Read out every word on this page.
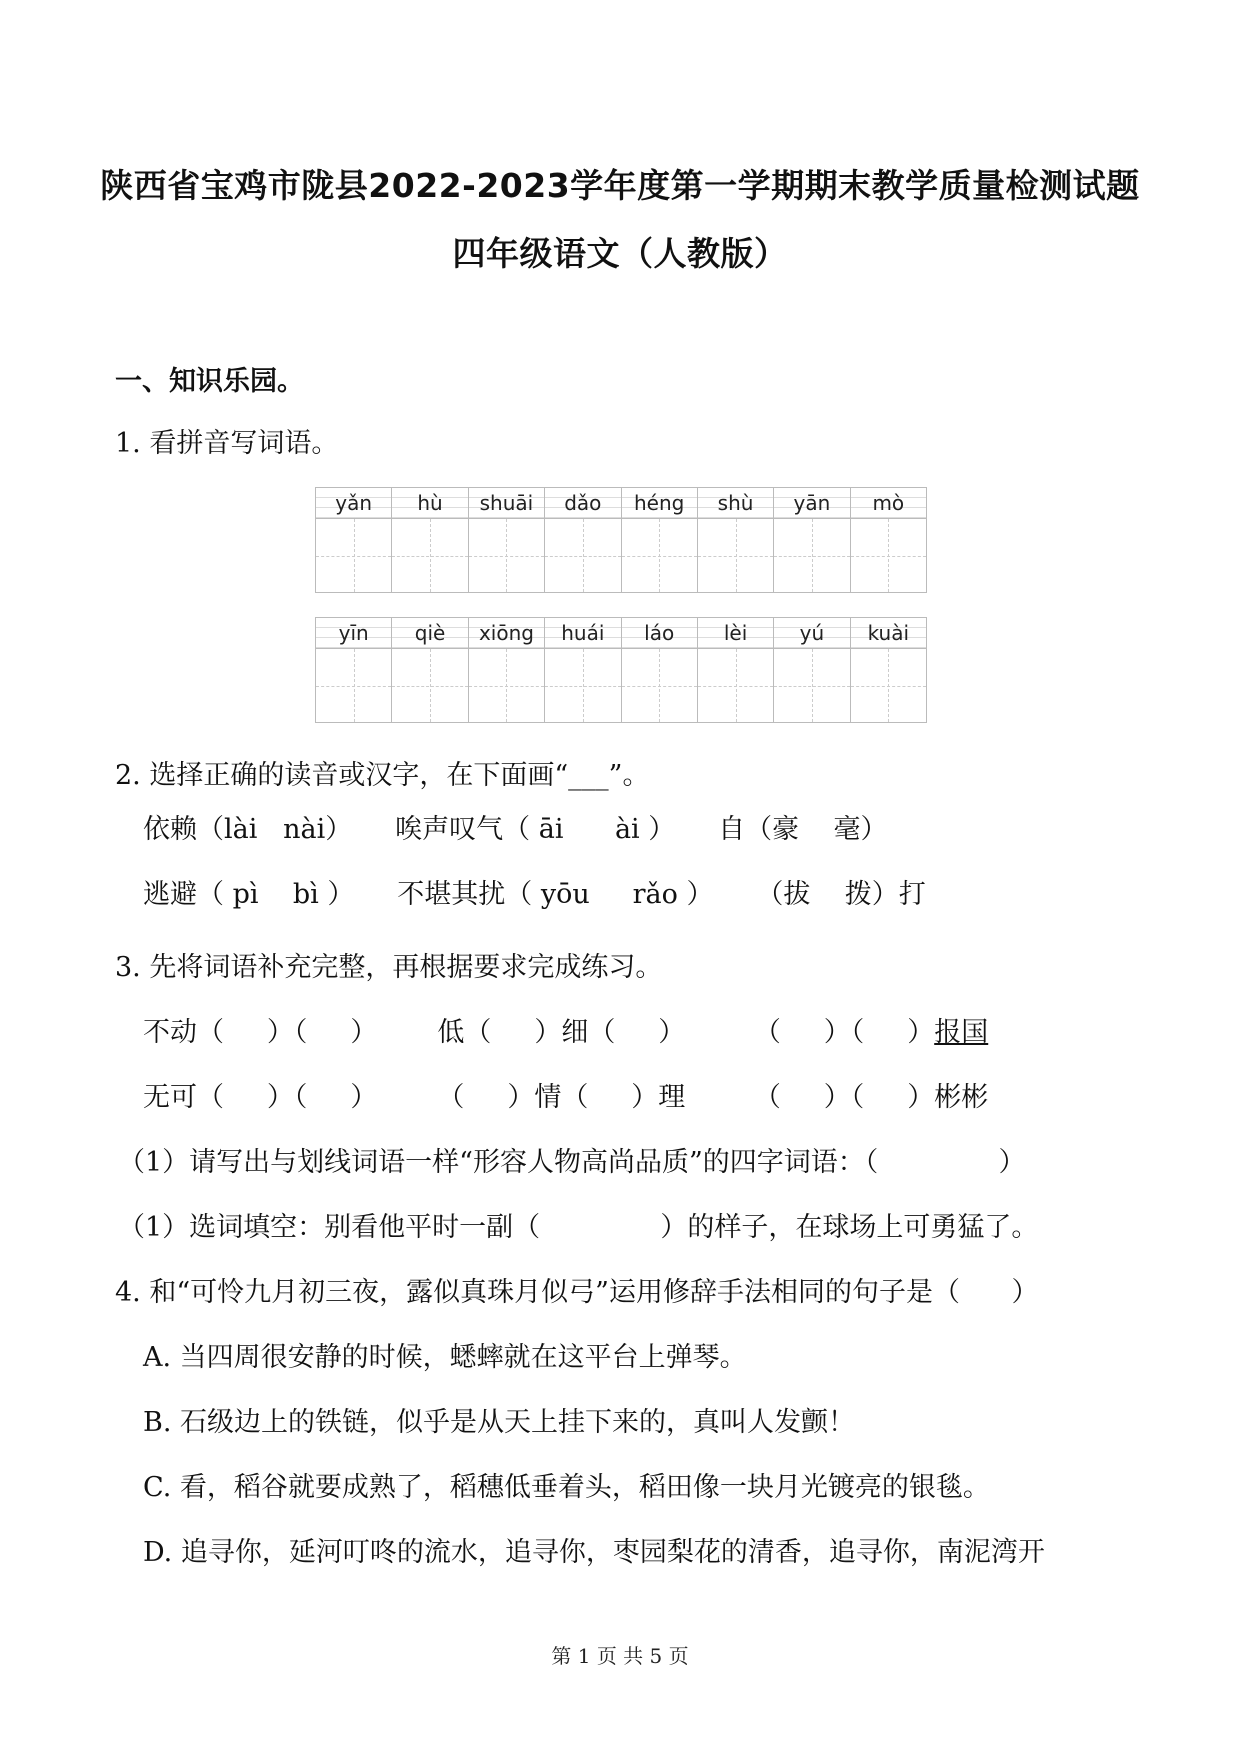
陕西省宝鸡市陇县2022-2023学年度第一学期期末教学质量检测试题
四年级语文（人教版）
一、知识乐园。
1. 看拼音写词语。
yǎn	hù	shuāi	dǎo	héng	shù	yān	mò
yīn	qiè	xiōng	huái	láo	lèi	yú	kuài
2. 选择正确的读音或汉字，在下面画“___”。
依赖（lài   nài）     唉声叹气（ āi      ài ）     自（豪    毫）
逃避（ pì    bì ）     不堪其扰（ yōu     rǎo ）     （拔    拨）打
3. 先将词语补充完整，再根据要求完成练习。
不动（     ）（     ）       低（     ）细（     ）        （     ）（     ）报国
无可（     ）（     ）       （     ）情（     ）理        （     ）（     ）彬彬
（1）请写出与划线词语一样“形容人物高尚品质”的四字词语：（              ）
（1）选词填空：别看他平时一副（              ）的样子，在球场上可勇猛了。
4. 和“可怜九月初三夜，露似真珠月似弓”运用修辞手法相同的句子是（      ）
A. 当四周很安静的时候，蟋蟀就在这平台上弹琴。
B. 石级边上的铁链，似乎是从天上挂下来的，真叫人发颤！
C. 看，稻谷就要成熟了，稻穗低垂着头，稻田像一块月光镀亮的银毯。
D. 追寻你，延河叮咚的流水，追寻你，枣园梨花的清香，追寻你，南泥湾开
第 1 页 共 5 页
